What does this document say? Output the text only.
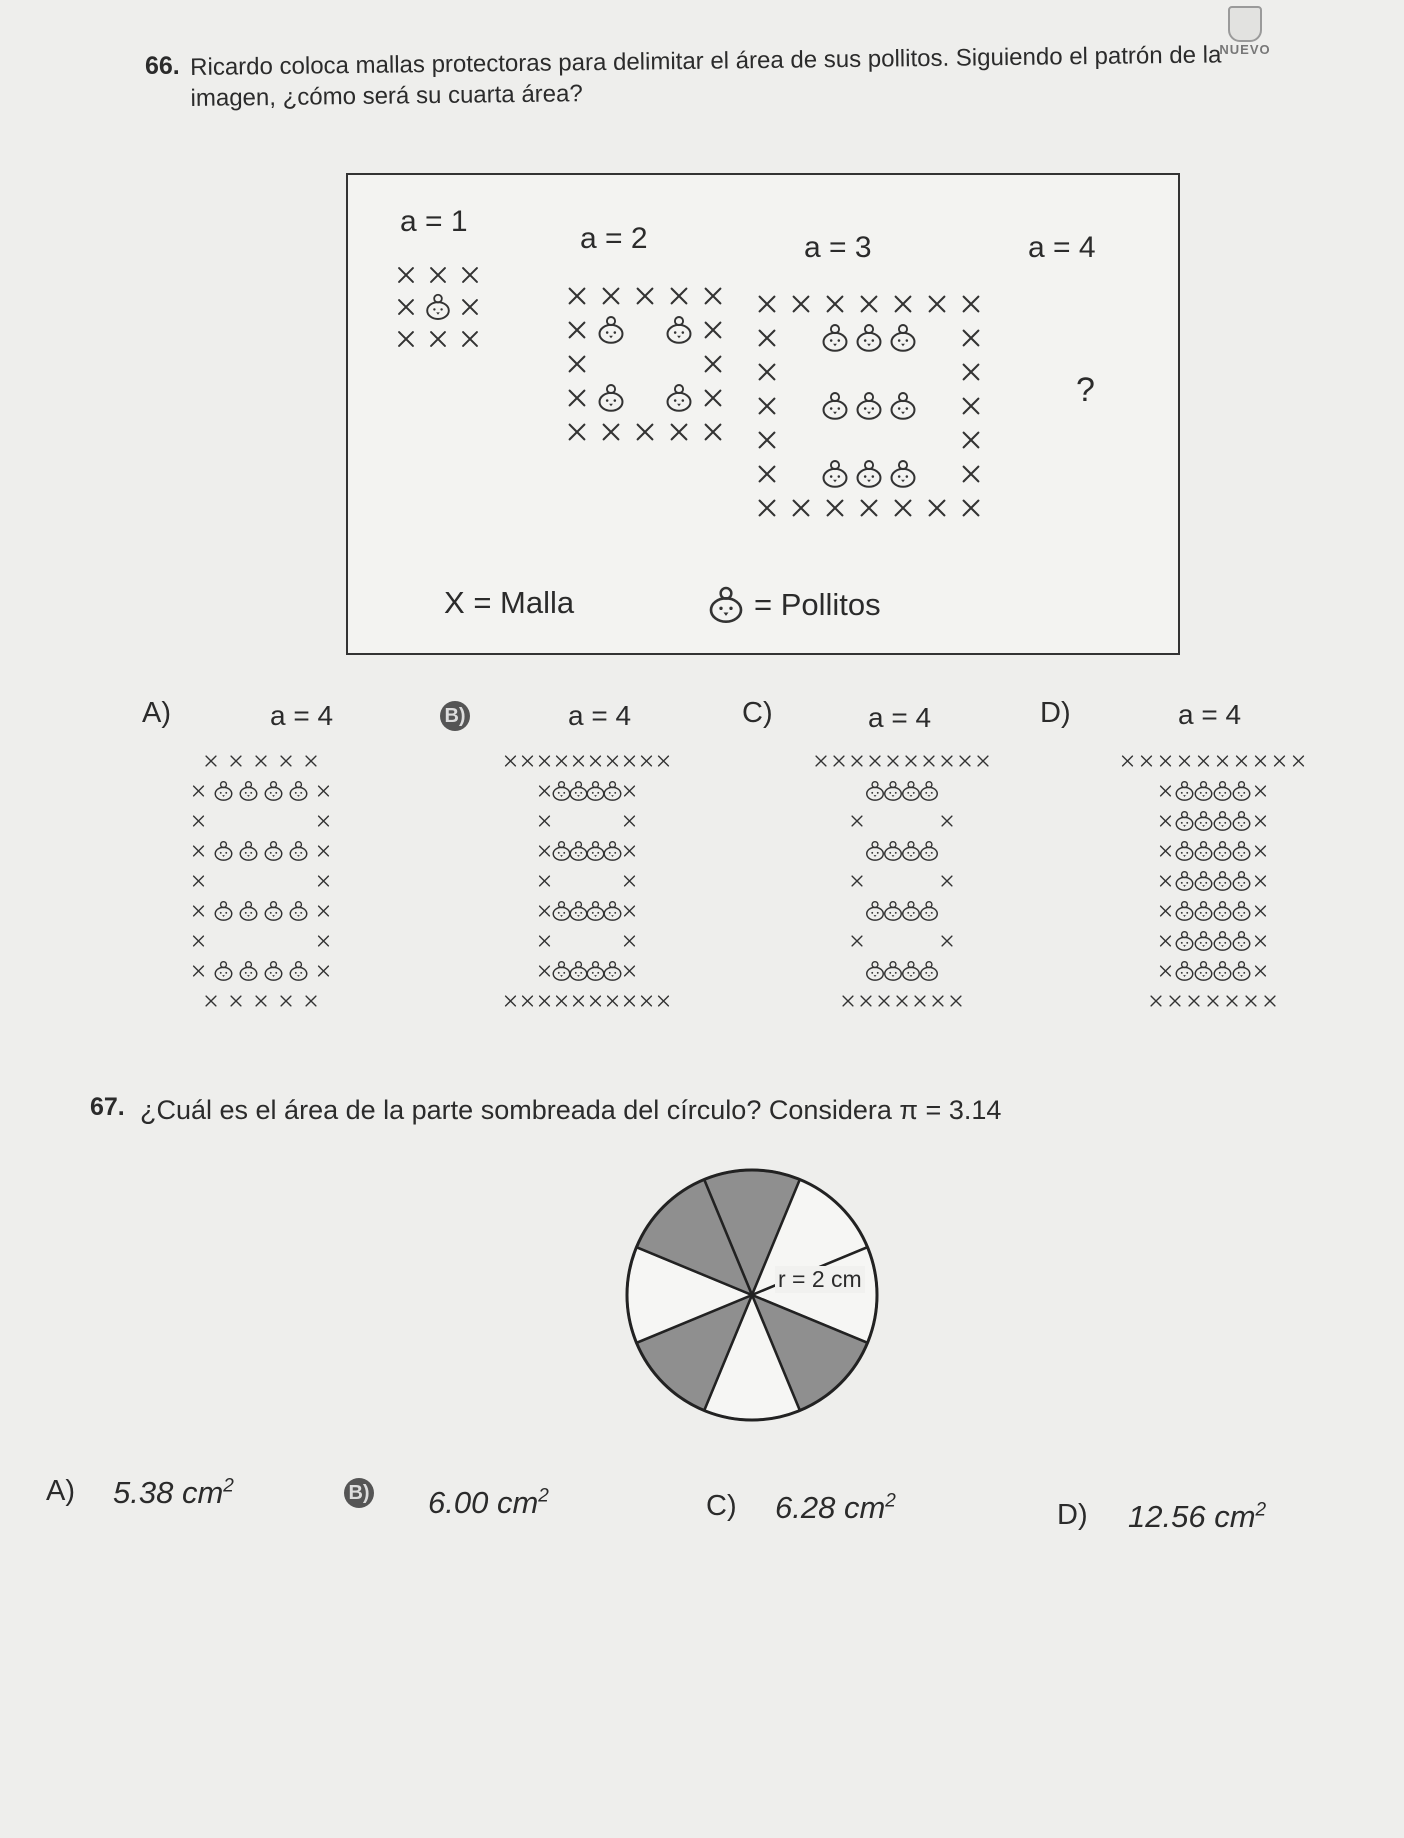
NUEVO
66. Ricardo coloca mallas protectoras para delimitar el área de sus pollitos. Siguiendo el patrón de la imagen, ¿cómo será su cuarta área?
a = 1
a = 2	a = 3	a = 4
?
X = Malla	= Pollitos
A)	a = 4	B)	a = 4	C)	a = 4	D)	a = 4
67. ¿Cuál es el área de la parte sombreada del círculo? Considera π = 3.14
r = 2 cm
A) 5.38 $cm^2$	B) 6.00 $cm^2$	C) 6.28 $cm^2$	D) 12.56 $cm^2$
